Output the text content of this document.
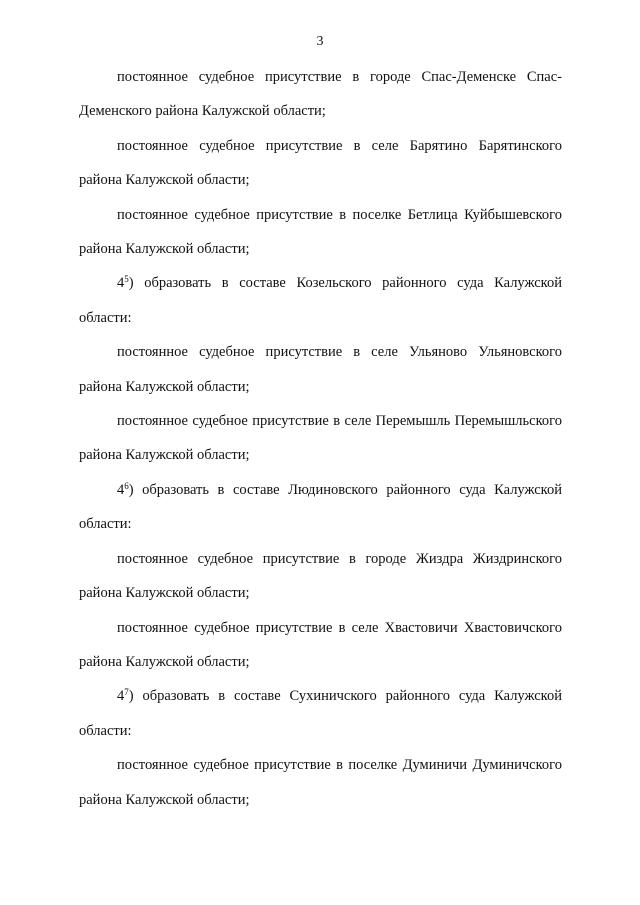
3

постоянное судебное присутствие в городе Спас-Деменске Спас-Деменского района Калужской области;

постоянное судебное присутствие в селе Барятино Барятинского района Калужской области;

постоянное судебное присутствие в поселке Бетлица Куйбышевского района Калужской области;

$4^5$) образовать в составе Козельского районного суда Калужской области:

постоянное судебное присутствие в селе Ульяново Ульяновского района Калужской области;

постоянное судебное присутствие в селе Перемышль Перемышльского района Калужской области;

$4^6$) образовать в составе Людиновского районного суда Калужской области:

постоянное судебное присутствие в городе Жиздра Жиздринского района Калужской области;

постоянное судебное присутствие в селе Хвастовичи Хвастовичского района Калужской области;

$4^7$) образовать в составе Сухиничского районного суда Калужской области:

постоянное судебное присутствие в поселке Думиничи Думиничского района Калужской области;
